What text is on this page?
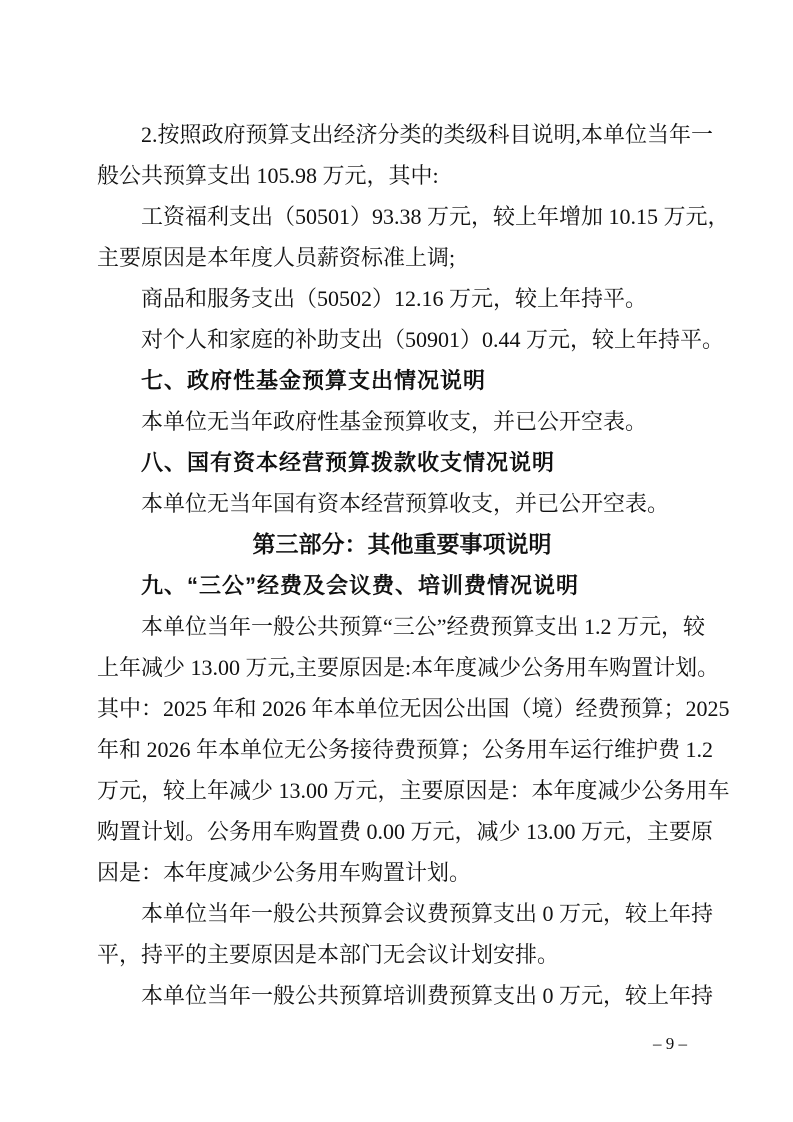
2.按照政府预算支出经济分类的类级科目说明,本单位当年一
般公共预算支出 105.98 万元，其中:
工资福利支出（50501）93.38 万元，较上年增加 10.15 万元，
主要原因是本年度人员薪资标准上调;
商品和服务支出（50502）12.16 万元，较上年持平。
对个人和家庭的补助支出（50901）0.44 万元，较上年持平。
七、政府性基金预算支出情况说明
本单位无当年政府性基金预算收支，并已公开空表。
八、国有资本经营预算拨款收支情况说明
本单位无当年国有资本经营预算收支，并已公开空表。
第三部分：其他重要事项说明
九、“三公”经费及会议费、培训费情况说明
本单位当年一般公共预算“三公”经费预算支出 1.2 万元，较
上年减少 13.00 万元,主要原因是:本年度减少公务用车购置计划。
其中：2025 年和 2026 年本单位无因公出国（境）经费预算；2025
年和 2026 年本单位无公务接待费预算；公务用车运行维护费 1.2
万元，较上年减少 13.00 万元，主要原因是：本年度减少公务用车
购置计划。公务用车购置费 0.00 万元，减少 13.00 万元，主要原
因是：本年度减少公务用车购置计划。
本单位当年一般公共预算会议费预算支出 0 万元，较上年持
平，持平的主要原因是本部门无会议计划安排。
本单位当年一般公共预算培训费预算支出 0 万元，较上年持
– 9 –
